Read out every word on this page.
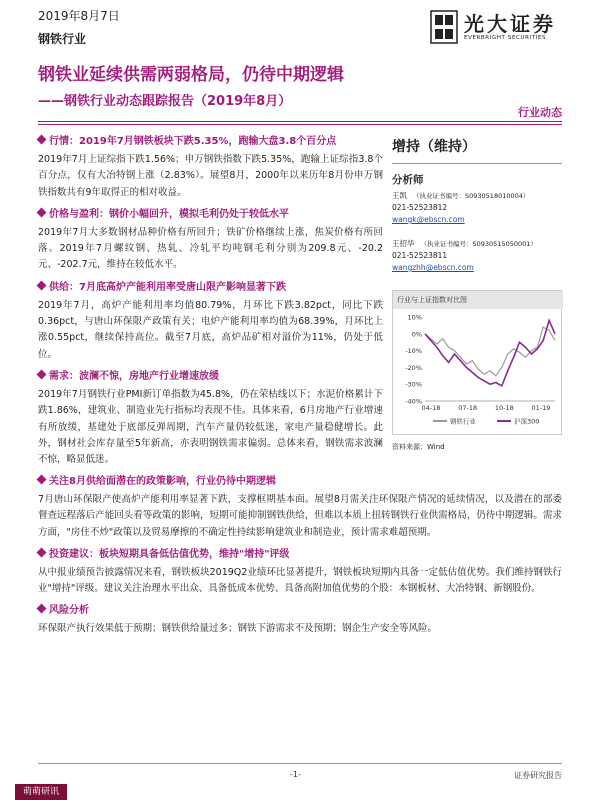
2019年8月7日
钢铁行业
光大证券
EVERBRIGHT SECURITIES
钢铁业延续供需两弱格局，仍待中期逻辑
——钢铁行业动态跟踪报告（2019年8月）
行业动态
行情：2019年7月钢铁板块下跌5.35%，跑输大盘3.8个百分点
2019年7月上证综指下跌1.56%；申万钢铁指数下跌5.35%，跑输上证综指3.8个百分点，仅有大冶特钢上涨（2.83%）。展望8月，2000年以来历年8月份申万钢铁指数共有9年取得正的相对收益。
价格与盈利：钢价小幅回升，模拟毛利仍处于较低水平
2019年7月大多数钢材品种价格有所回升；铁矿价格继续上涨，焦炭价格有所回落。2019年7月螺纹钢、热轧、冷轧平均吨钢毛利分别为209.8元、-20.2元、-202.7元，维持在较低水平。
供给：7月底高炉产能利用率受唐山限产影响显著下跌
2019年7月，高炉产能利用率均值80.79%，月环比下跌3.82pct，同比下跌0.36pct，与唐山环保限产政策有关；电炉产能利用率均值为68.39%，月环比上涨0.55pct，继续保持高位。截至7月底，高炉品矿相对溢价为11%，仍处于低位。
需求：波澜不惊，房地产行业增速放缓
2019年7月钢铁行业PMI新订单指数为45.8%，仍在荣枯线以下；水泥价格累计下跌1.86%，建筑业、制造业先行指标均表现不佳。具体来看，6月房地产行业增速有所放缓，基建处于底部反弹周期，汽车产量仍较低迷，家电产量稳健增长。此外，钢材社会库存量至5年新高，亦表明钢铁需求偏弱。总体来看，钢铁需求波澜不惊，略显低迷。
关注8月供给面潜在的政策影响，行业仍待中期逻辑
7月唐山环保限产使高炉产能利用率显著下跌，支撑框期基本面。展望8月需关注环保限产情况的延续情况，以及潜在的部委督查远程落后产能回头看等政策的影响，短期可能抑制钢铁供给，但难以本质上扭转钢铁行业供需格局，仍待中期逻辑。需求方面，"房住不炒"政策以及贸易摩擦的不确定性持续影响建筑业和制造业，预计需求难超预期。
投资建议：板块短期具备低估值优势，维持"增持"评级
从中报业绩预告披露情况来看，钢铁板块2019Q2业绩环比显著提升，钢铁板块短期内具备一定低估值优势。我们维持钢铁行业"增持"评级。建议关注治理水平出众、具备低成本优势、具备高附加值优势的个股：本钢板材、大冶特钢、新钢股份。
风险分析
环保限产执行效果低于预期；钢铁供给量过多；钢铁下游需求不及预期；钢企生产安全等风险。
增持（维持）
分析师
王凯 （执业证书编号：S0930518010004）
021-52523812
wangk@ebscn.com
王招华 （执业证书编号：S0930515050001）
021-52523811
wangzhh@ebscn.com
行业与上证指数对比图
10%
0%
-10%
-20%
-30%
-40%
04-18	07-18	10-18	01-19
钢铁行业	沪深300
资料来源：Wind
-1-	证券研究报告
萌萌研讯
